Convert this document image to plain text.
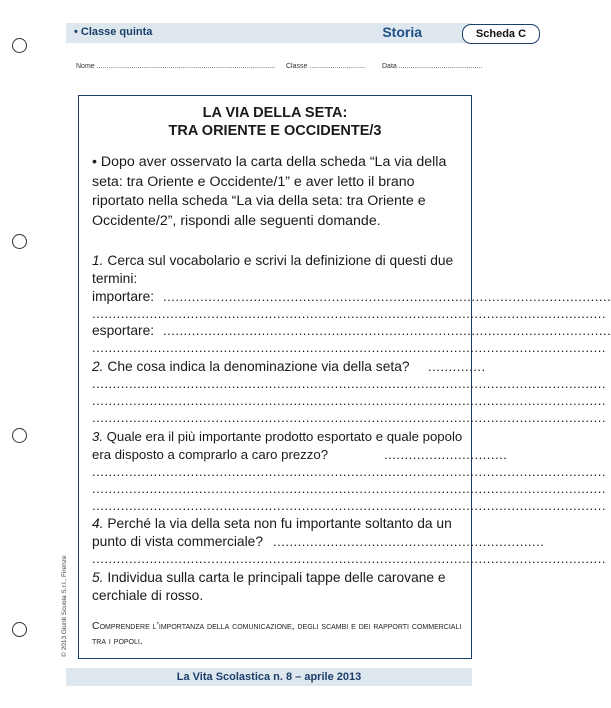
• Classe quinta	Storia	Scheda C
Nome ............................................................................................ Classe ............................. Data ...........................................
LA VIA DELLA SETA:
TRA ORIENTE E OCCIDENTE/3
• Dopo aver osservato la carta della scheda “La via della seta: tra Oriente e Occidente/1” e aver letto il brano riportato nella scheda “La via della seta: tra Oriente e Occidente/2”, rispondi alle seguenti domande.
1. Cerca sul vocabolario e scrivi la definizione di questi due termini:
importare: .............................................................................................................
.............................................................................................................................
esportare: .............................................................................................................
.............................................................................................................................
2. Che cosa indica la denominazione via della seta?	..............
.............................................................................................................................
.............................................................................................................................
.............................................................................................................................
3. Quale era il più importante prodotto esportato e quale popolo era disposto a comprarlo a caro prezzo?	..............................
.............................................................................................................................
.............................................................................................................................
.............................................................................................................................
4. Perché la via della seta non fu importante soltanto da un punto di vista commerciale? ..................................................................
.............................................................................................................................
5. Individua sulla carta le principali tappe delle carovane e cerchiale di rosso.
Comprendere l’importanza della comunicazione, degli scambi e dei rapporti commerciali tra i popoli.
© 2013 Giunti Scuola S.r.l., Firenze
La Vita Scolastica n. 8 – aprile 2013
